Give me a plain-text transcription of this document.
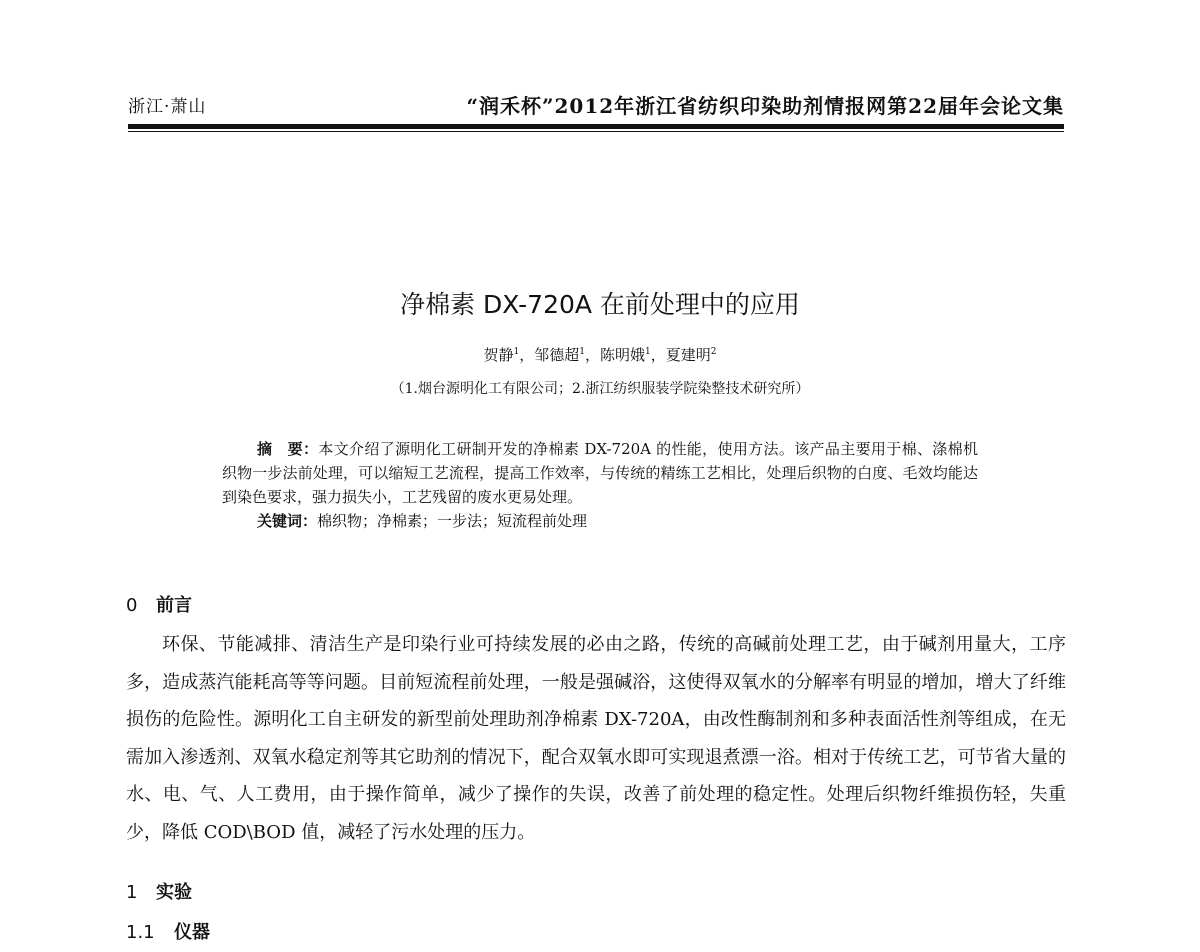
浙江·萧山	“润禾杯”2012年浙江省纺织印染助剂情报网第22届年会论文集
净棉素 DX-720A 在前处理中的应用
贺静$^1$，邹德超$^1$，陈明娥$^1$，夏建明$^2$
（1.烟台源明化工有限公司；2.浙江纺织服装学院染整技术研究所）
摘　要：本文介绍了源明化工研制开发的净棉素 DX-720A 的性能，使用方法。该产品主要用于棉、涤棉机织物一步法前处理，可以缩短工艺流程，提高工作效率，与传统的精练工艺相比，处理后织物的白度、毛效均能达到染色要求，强力损失小，工艺残留的废水更易处理。
关键词：棉织物；净棉素；一步法；短流程前处理
0 前言
环保、节能减排、清洁生产是印染行业可持续发展的必由之路，传统的高碱前处理工艺，由于碱剂用量大，工序多，造成蒸汽能耗高等等问题。目前短流程前处理，一般是强碱浴，这使得双氧水的分解率有明显的增加，增大了纤维损伤的危险性。源明化工自主研发的新型前处理助剂净棉素 DX-720A，由改性酶制剂和多种表面活性剂等组成，在无需加入渗透剂、双氧水稳定剂等其它助剂的情况下，配合双氧水即可实现退煮漂一浴。相对于传统工艺，可节省大量的水、电、气、人工费用，由于操作简单，减少了操作的失误，改善了前处理的稳定性。处理后织物纤维损伤轻，失重少，降低 COD\BOD 值，减轻了污水处理的压力。
1 实验
1.1 仪器
